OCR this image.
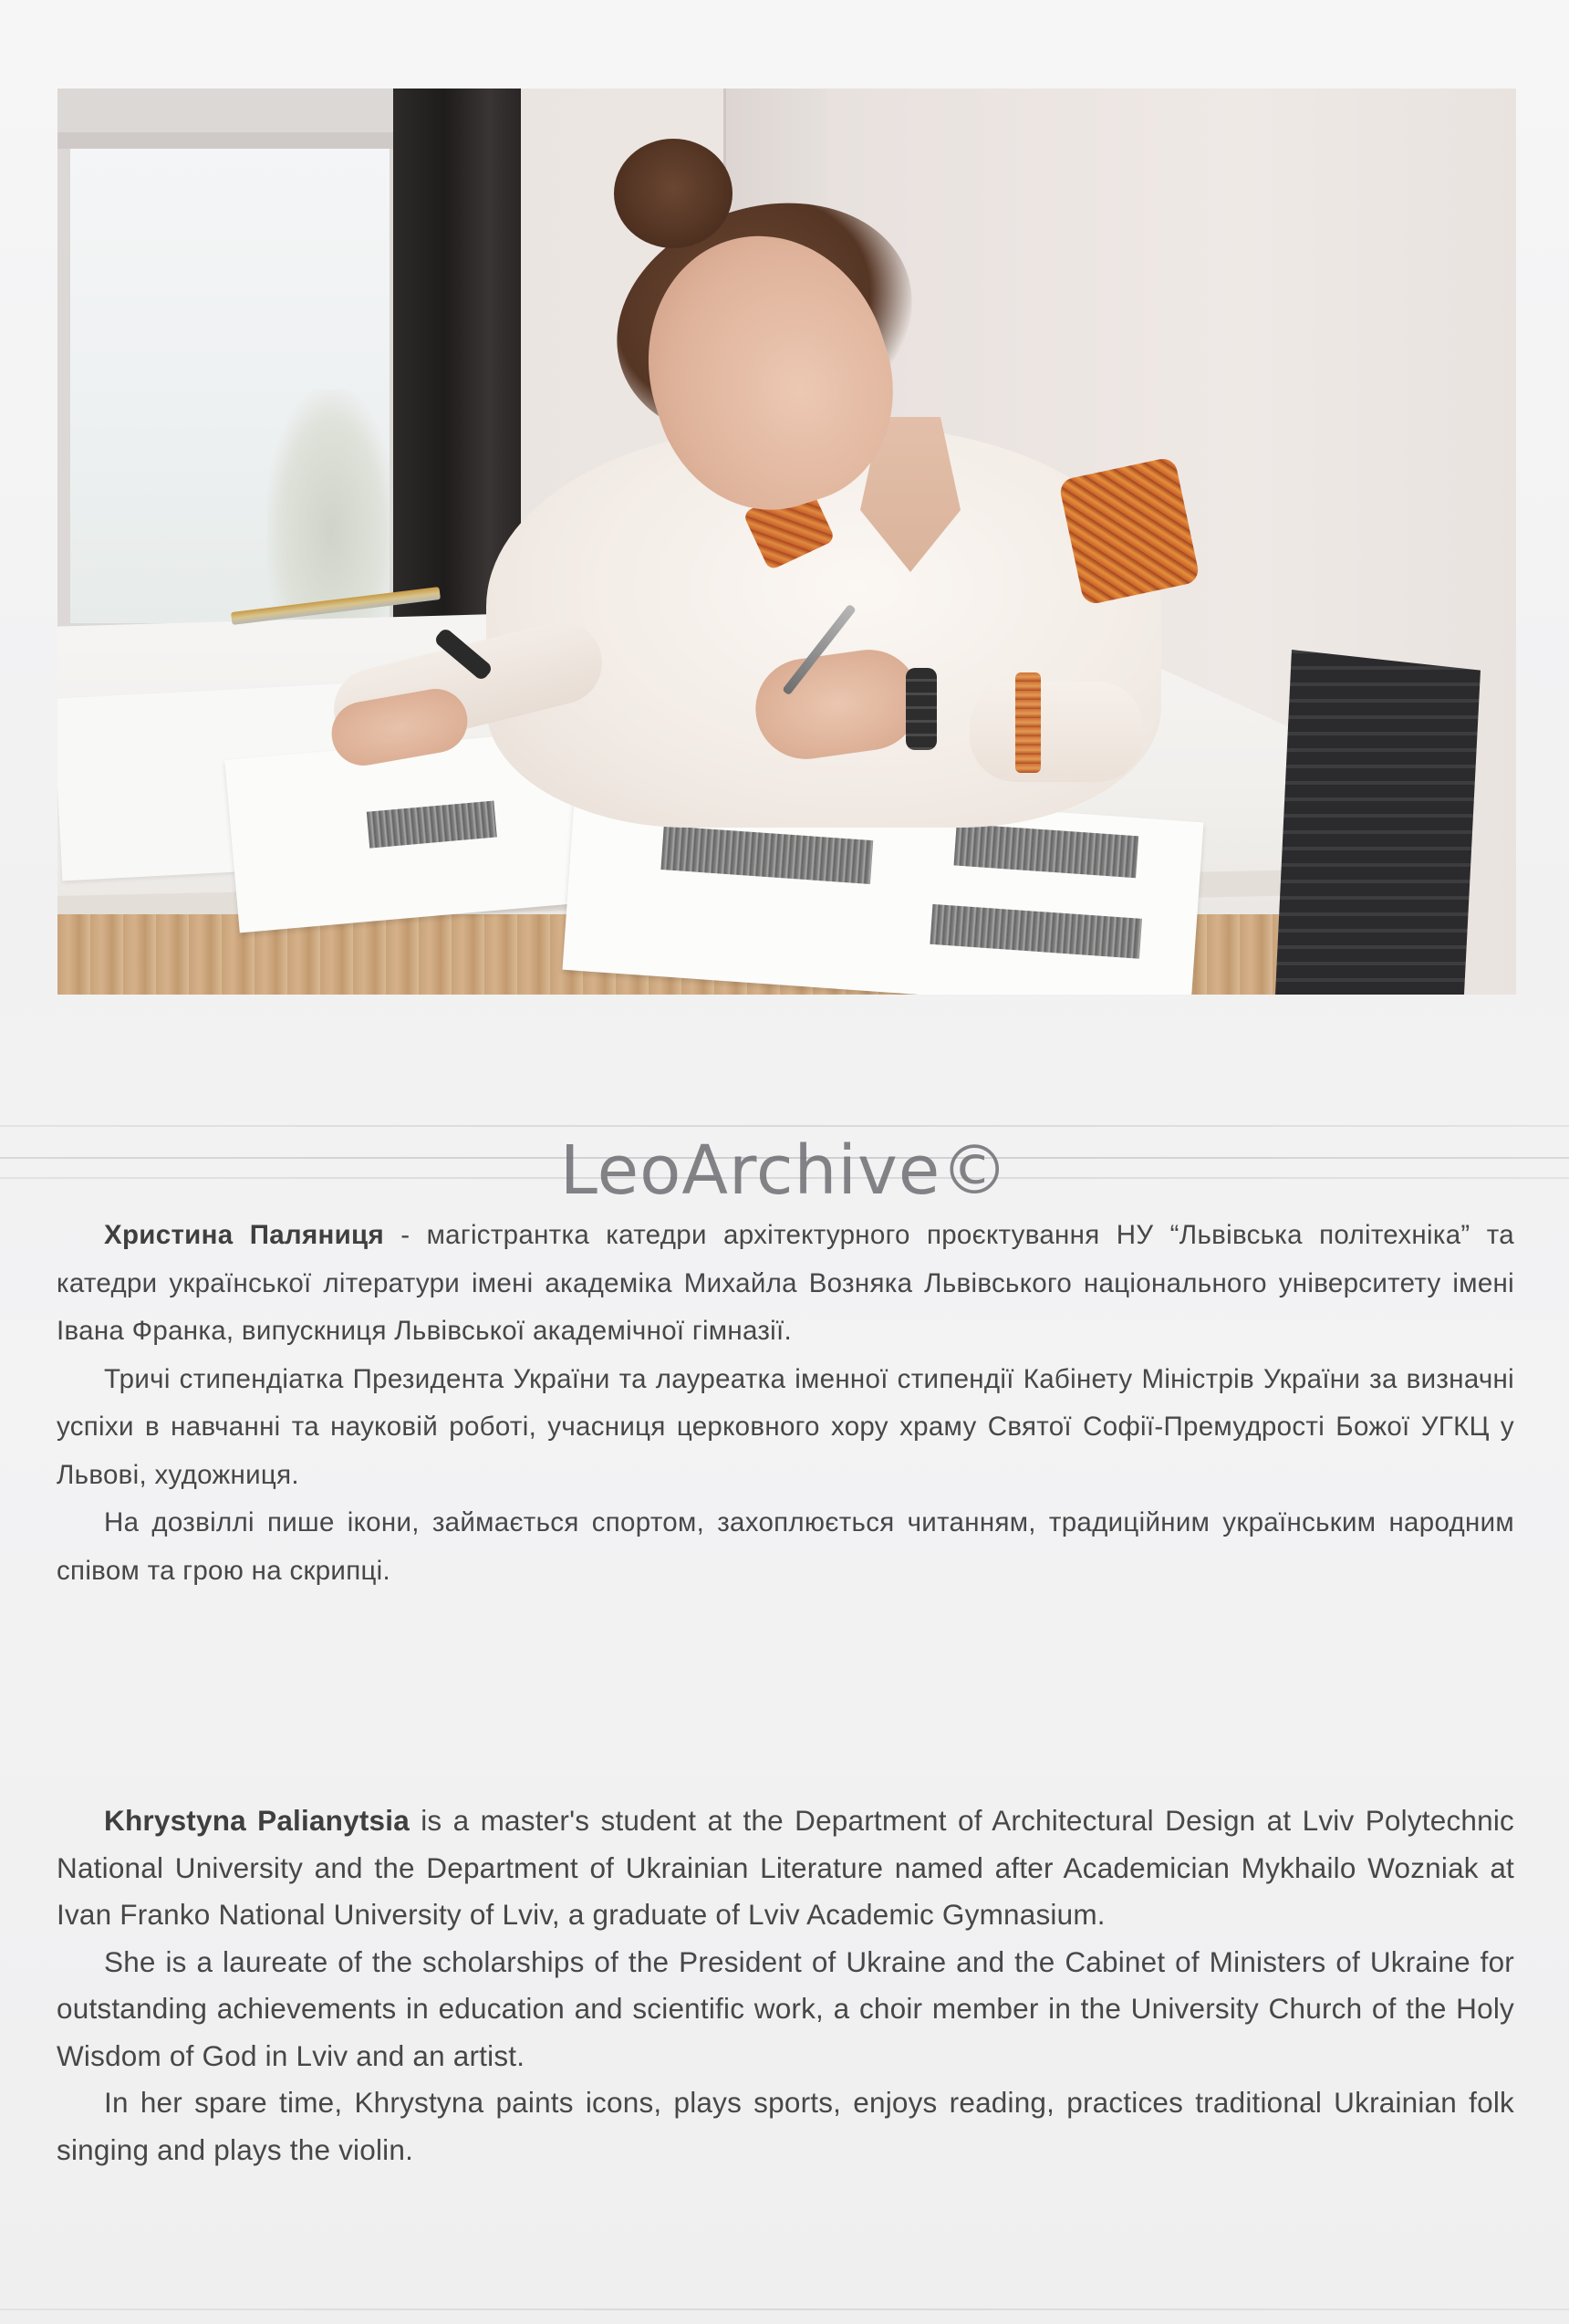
LeoArchive©

Христина Паляниця - магістрантка катедри архітектурного проєктування НУ “Львівська політехніка” та катедри української літератури імені академіка Михайла Возняка Львівського національного університету імені Івана Франка, випускниця Львівської академічної гімназії.

Тричі стипендіатка Президента України та лауреатка іменної стипендії Кабінету Міністрів України за визначні успіхи в навчанні та науковій роботі, учасниця церковного хору храму Святої Софії-Премудрості Божої УГКЦ у Львові, художниця.

На дозвіллі пише ікони, займається спортом, захоплюється читанням, традиційним українським народним співом та грою на скрипці.

Khrystyna Palianytsia is a master's student at the Department of Architectural Design at Lviv Polytechnic National University and the Department of Ukrainian Literature named after Academician Mykhailo Wozniak at Ivan Franko National University of Lviv, a graduate of Lviv Academic Gymnasium.

She is a laureate of the scholarships of the President of Ukraine and the Cabinet of Ministers of Ukraine for outstanding achievements in education and scientific work, a choir member in the University Church of the Holy Wisdom of God in Lviv and an artist.

In her spare time, Khrystyna paints icons, plays sports, enjoys reading, practices traditional Ukrainian folk singing and plays the violin.
